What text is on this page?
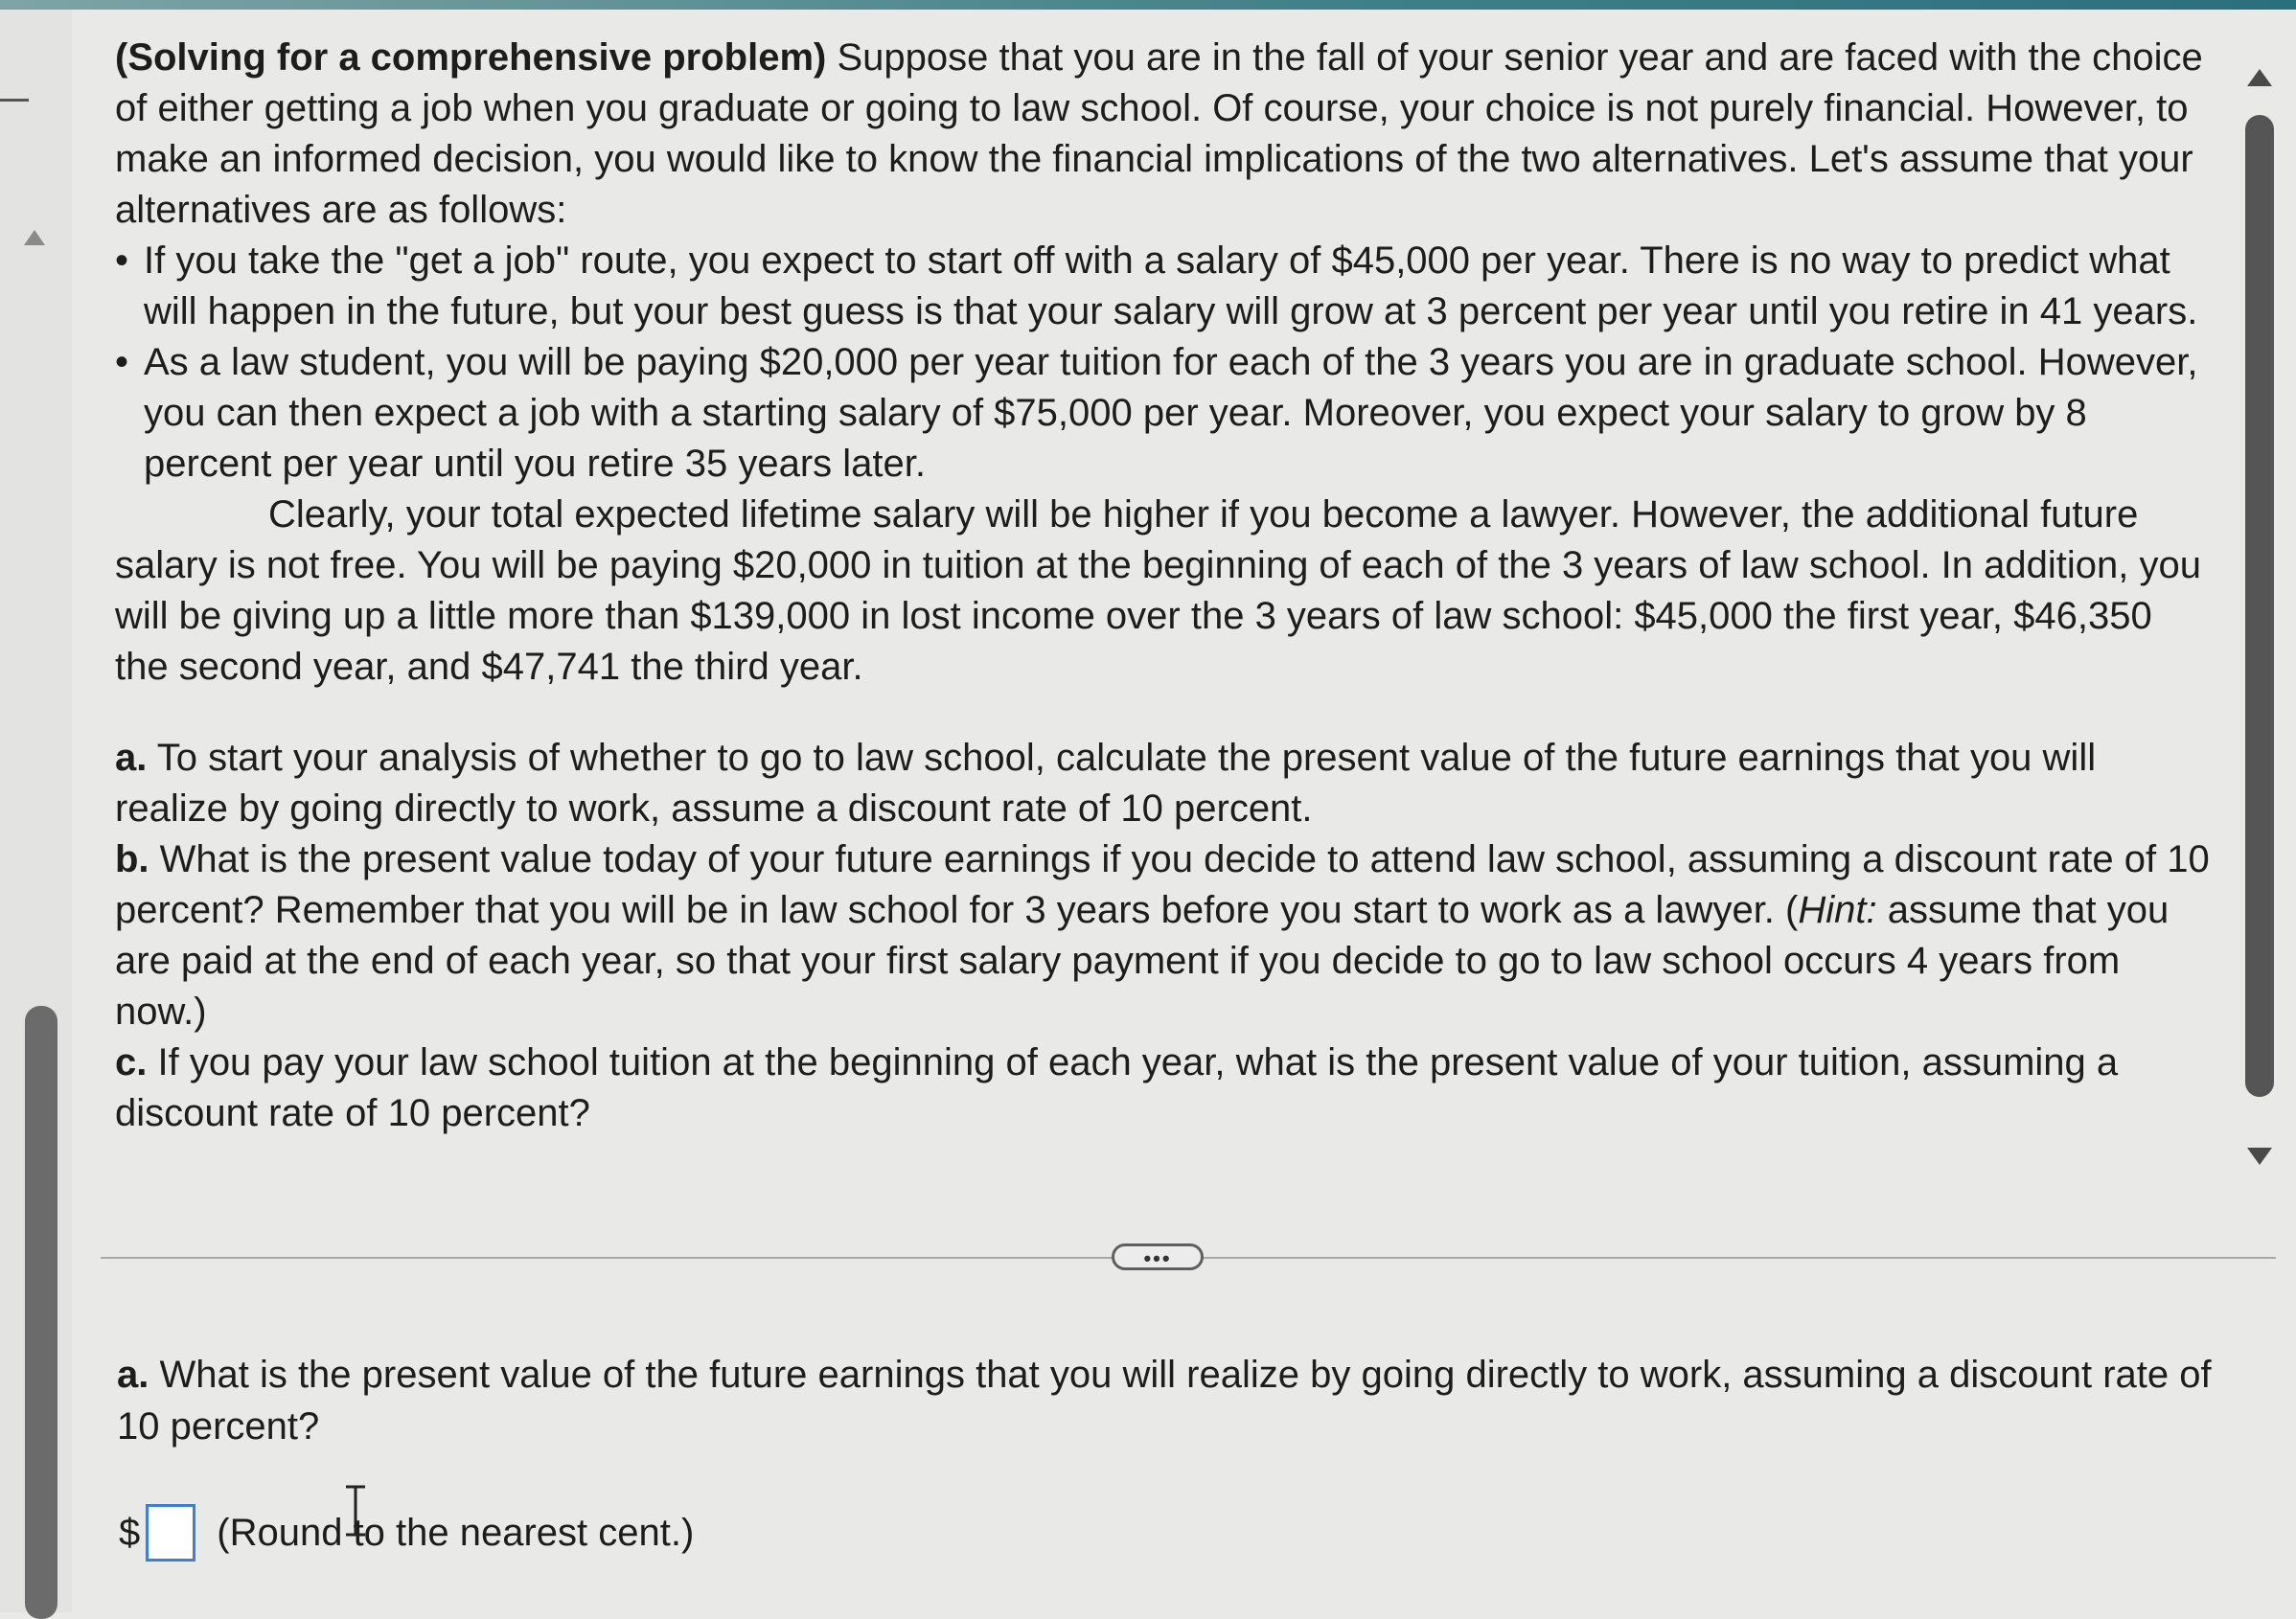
(Solving for a comprehensive problem) Suppose that you are in the fall of your senior year and are faced with the choice of either getting a job when you graduate or going to law school. Of course, your choice is not purely financial. However, to make an informed decision, you would like to know the financial implications of the two alternatives. Let's assume that your alternatives are as follows:

• If you take the "get a job" route, you expect to start off with a salary of $45,000 per year. There is no way to predict what will happen in the future, but your best guess is that your salary will grow at 3 percent per year until you retire in 41 years.
• As a law student, you will be paying $20,000 per year tuition for each of the 3 years you are in graduate school. However, you can then expect a job with a starting salary of $75,000 per year. Moreover, you expect your salary to grow by 8 percent per year until you retire 35 years later.

Clearly, your total expected lifetime salary will be higher if you become a lawyer. However, the additional future salary is not free. You will be paying $20,000 in tuition at the beginning of each of the 3 years of law school. In addition, you will be giving up a little more than $139,000 in lost income over the 3 years of law school: $45,000 the first year, $46,350 the second year, and $47,741 the third year.

a. To start your analysis of whether to go to law school, calculate the present value of the future earnings that you will realize by going directly to work, assume a discount rate of 10 percent.

b. What is the present value today of your future earnings if you decide to attend law school, assuming a discount rate of 10 percent? Remember that you will be in law school for 3 years before you start to work as a lawyer. (Hint: assume that you are paid at the end of each year, so that your first salary payment if you decide to go to law school occurs 4 years from now.)

c. If you pay your law school tuition at the beginning of each year, what is the present value of your tuition, assuming a discount rate of 10 percent?

•••

a. What is the present value of the future earnings that you will realize by going directly to work, assuming a discount rate of 10 percent?

$ (Round to the nearest cent.)
